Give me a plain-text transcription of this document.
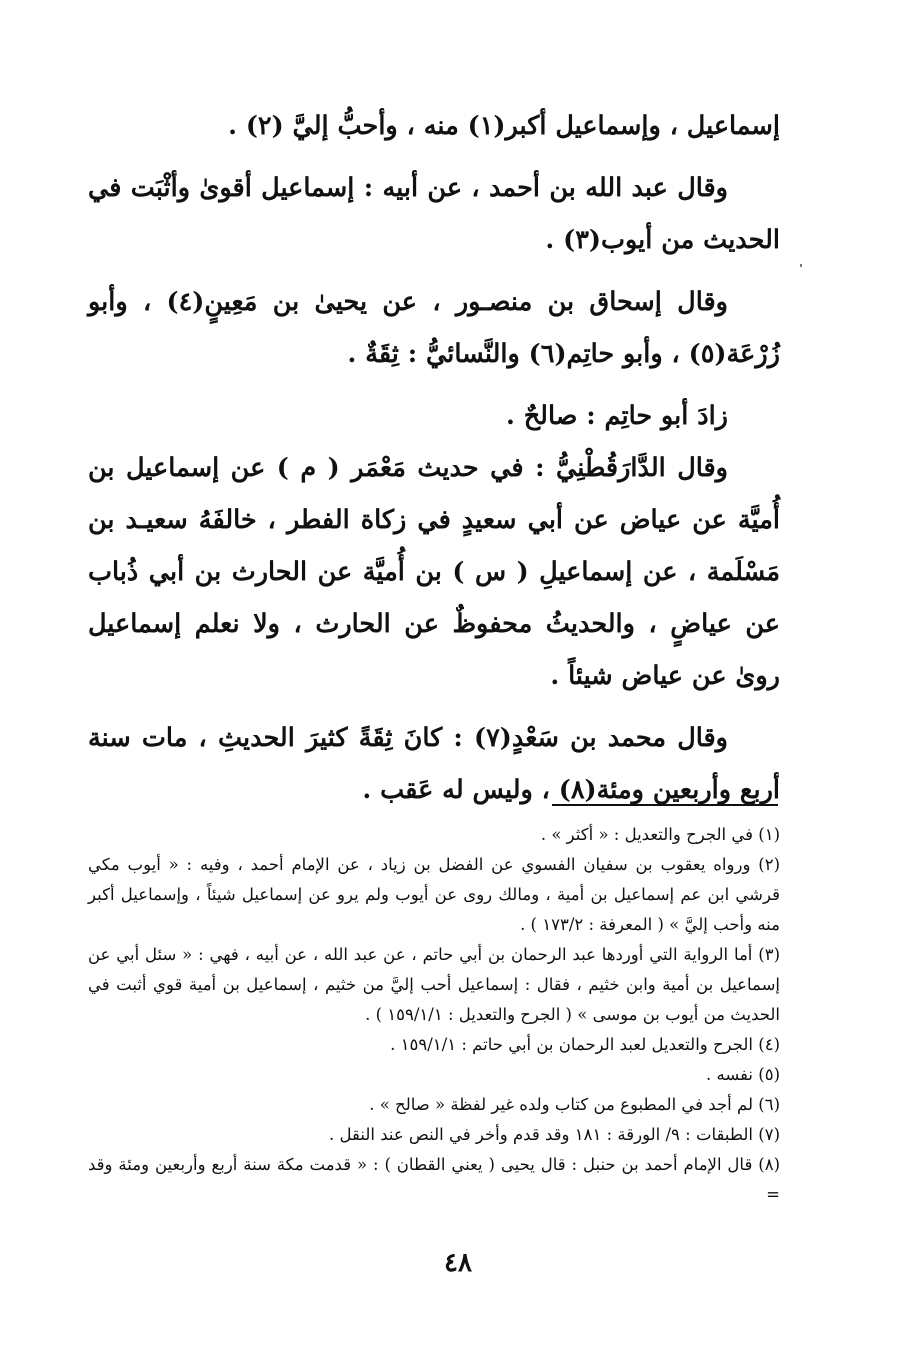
إسماعيل ، وإسماعيل أكبر(١) منه ، وأحبُّ إليَّ (٢) .

وقال عبد الله بن أحمد ، عن أبيه : إسماعيل أقوىٰ وأثْبَت في الحديث من أيوب(٣) .

وقال إسحاق بن منصـور ، عن يحيىٰ بن مَعِينٍ(٤) ، وأبو زُرْعَة(٥) ، وأبو حاتِم(٦) والنَّسائيُّ : ثِقَةٌ .

زادَ أبو حاتِم : صالحٌ .

وقال الدَّارَقُطْنِيُّ : في حديث مَعْمَر ( م ) عن إسماعيل بن أُميَّة عن عياض عن أبي سعيدٍ في زكاة الفطر ، خالفَهُ سعيـد بن مَسْلَمة ، عن إسماعيلِ ( س ) بن أُميَّة عن الحارث بن أبي ذُباب عن عياضٍ ، والحديثُ محفوظٌ عن الحارث ، ولا نعلم إسماعيل روىٰ عن عياض شيئاً .

وقال محمد بن سَعْدٍ(٧) : كانَ ثِقَةً كثيرَ الحديثِ ، مات سنة أربع وأربعين ومئة(٨) ، وليس له عَقب .

(١) في الجرح والتعديل : « أكثر » .

(٢) ورواه يعقوب بن سفيان الفسوي عن الفضل بن زياد ، عن الإمام أحمد ، وفيه : « أيوب مكي قرشي ابن عم إسماعيل بن أمية ، ومالك روى عن أيوب ولم يرو عن إسماعيل شيئاً ، وإسماعيل أكبر منه وأحب إليَّ » ( المعرفة : ١٧٣/٢ ) .

(٣) أما الرواية التي أوردها عبد الرحمان بن أبي حاتم ، عن عبد الله ، عن أبيه ، فهي : « سئل أبي عن إسماعيل بن أمية وابن خثيم ، فقال : إسماعيل أحب إليَّ من خثيم ، إسماعيل بن أمية قوي أثبت في الحديث من أيوب بن موسى » ( الجرح والتعديل : ١٥٩/١/١ ) .

(٤) الجرح والتعديل لعبد الرحمان بن أبي حاتم : ١٥٩/١/١ .

(٥) نفسه .

(٦) لم أجد في المطبوع من كتاب ولده غير لفظة « صالح » .

(٧) الطبقات : ٩/ الورقة : ١٨١ وقد قدم وأخر في النص عند النقل .

(٨) قال الإمام أحمد بن حنبل : قال يحيى ( يعني القطان ) : « قدمت مكة سنة أربع وأربعين ومئة وقد =

٤٨
